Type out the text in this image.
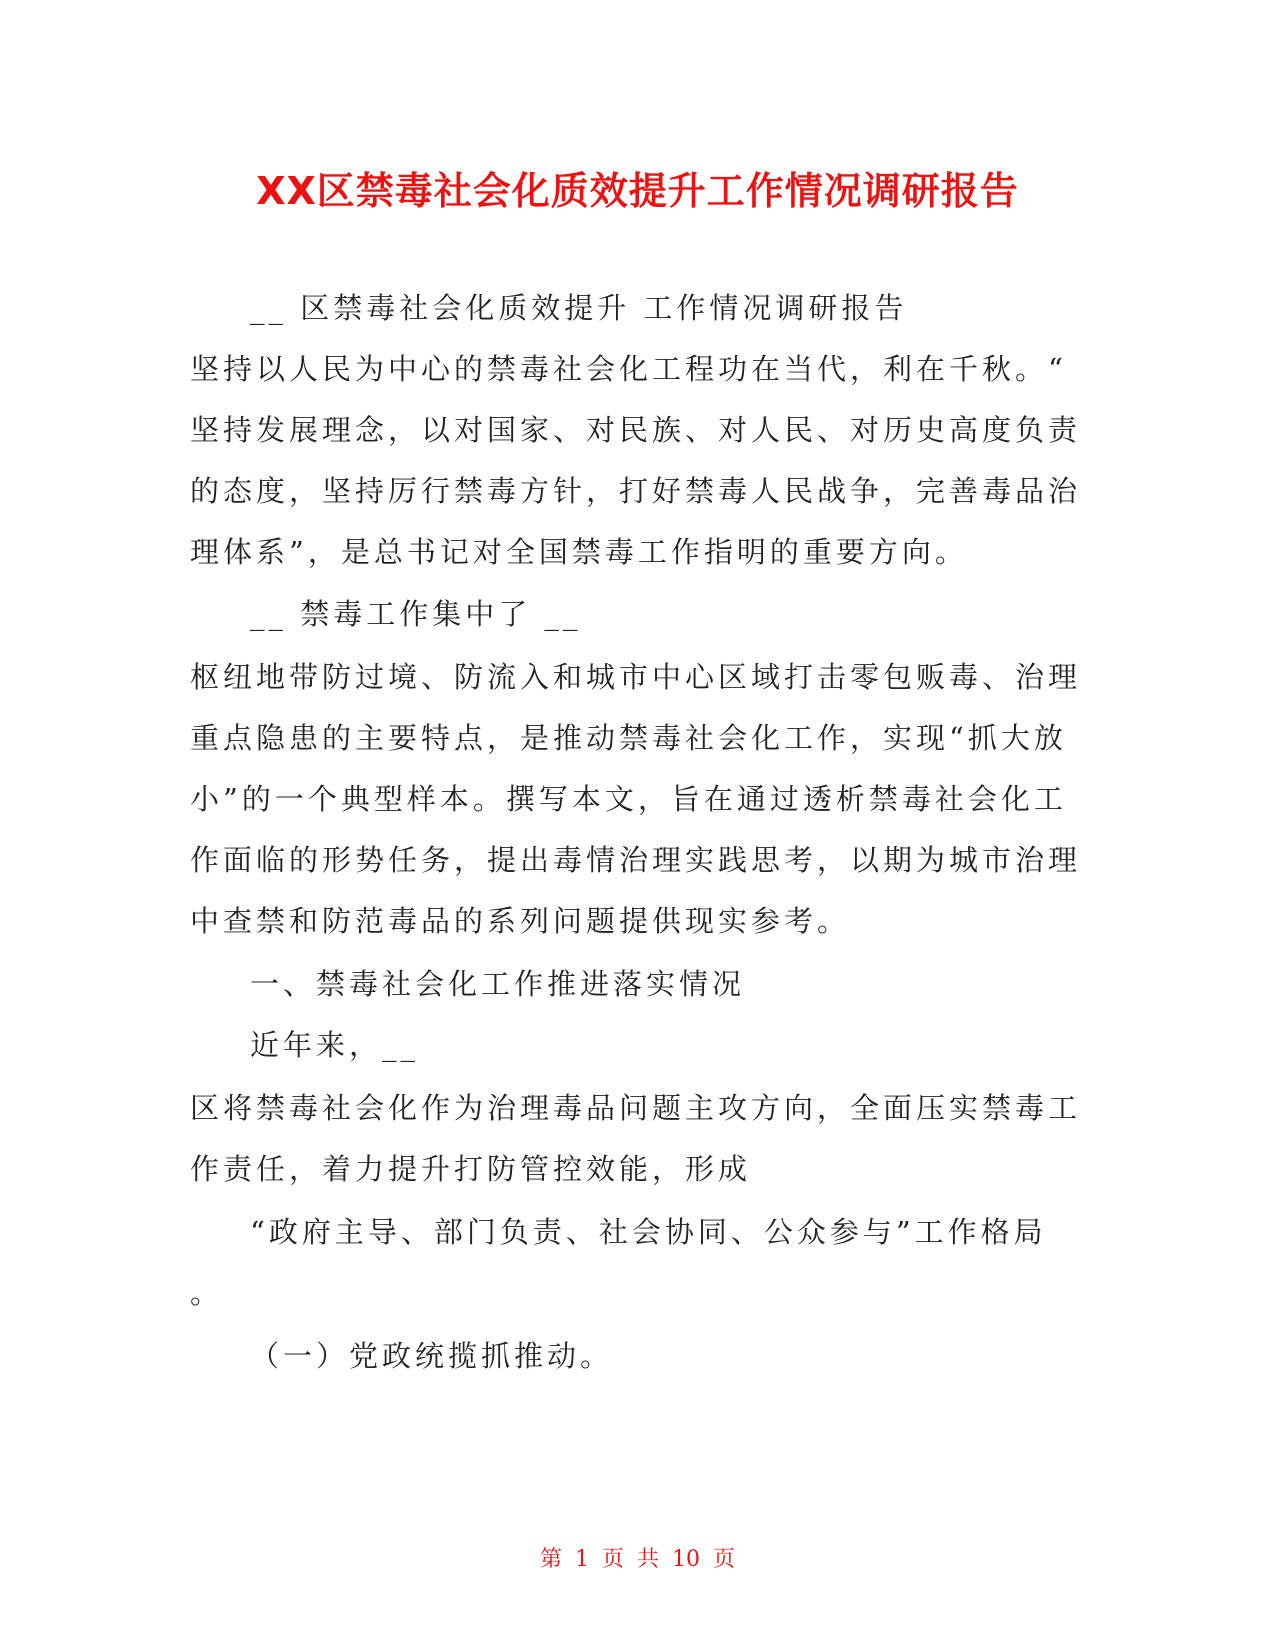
XX区禁毒社会化质效提升工作情况调研报告
__ 区禁毒社会化质效提升 工作情况调研报告
坚持以人民为中心的禁毒社会化工程功在当代，利在千秋。“
坚持发展理念，以对国家、对民族、对人民、对历史高度负责
的态度，坚持厉行禁毒方针，打好禁毒人民战争，完善毒品治
理体系”，是总书记对全国禁毒工作指明的重要方向。
__ 禁毒工作集中了 __
枢纽地带防过境、防流入和城市中心区域打击零包贩毒、治理
重点隐患的主要特点，是推动禁毒社会化工作，实现“抓大放
小”的一个典型样本。撰写本文，旨在通过透析禁毒社会化工
作面临的形势任务，提出毒情治理实践思考，以期为城市治理
中查禁和防范毒品的系列问题提供现实参考。
一、禁毒社会化工作推进落实情况
近年来，__
区将禁毒社会化作为治理毒品问题主攻方向，全面压实禁毒工
作责任，着力提升打防管控效能，形成
“政府主导、部门负责、社会协同、公众参与”工作格局
。
（一）党政统揽抓推动。
第 1 页 共 10 页
